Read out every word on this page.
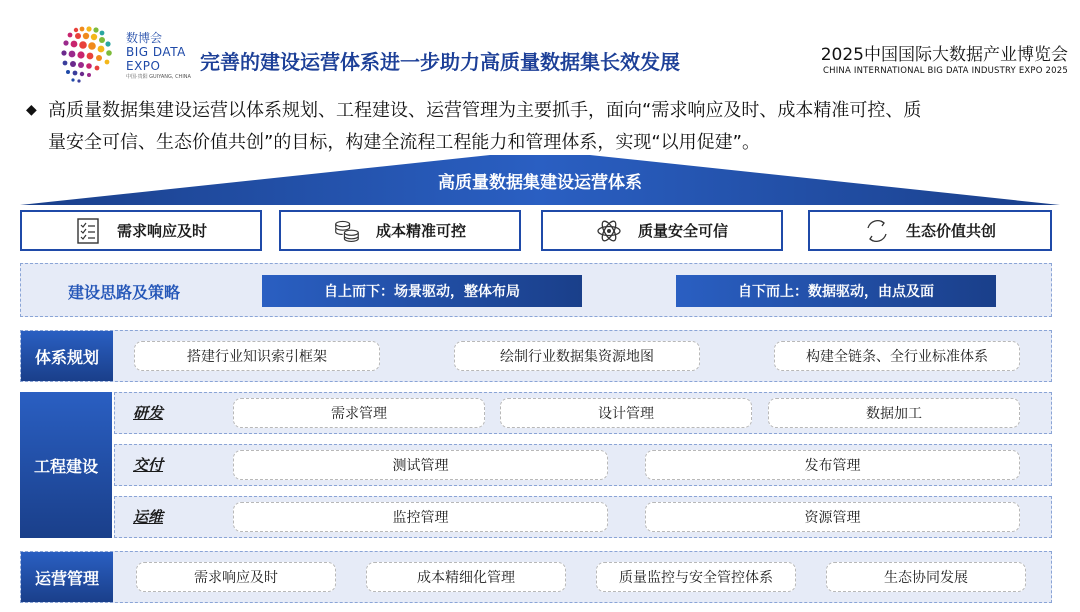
数博会
BIG DATA
EXPO
中国·贵阳 GUIYANG, CHINA
完善的建设运营体系进一步助力高质量数据集长效发展	2025中国国际大数据产业博览会
CHINA INTERNATIONAL BIG DATA INDUSTRY EXPO 2025
◆ 高质量数据集建设运营以体系规划、工程建设、运营管理为主要抓手，面向“需求响应及时、成本精准可控、质
量安全可信、生态价值共创”的目标，构建全流程工程能力和管理体系，实现“以用促建”。
高质量数据集建设运营体系
需求响应及时	成本精准可控	质量安全可信	生态价值共创
建设思路及策略	自上而下：场景驱动，整体布局	自下而上：数据驱动，由点及面
体系规划	搭建行业知识索引框架	绘制行业数据集资源地图	构建全链条、全行业标准体系
工程建设
研发	需求管理	设计管理	数据加工
交付	测试管理	发布管理
运维	监控管理	资源管理
运营管理	需求响应及时	成本精细化管理	质量监控与安全管控体系	生态协同发展
